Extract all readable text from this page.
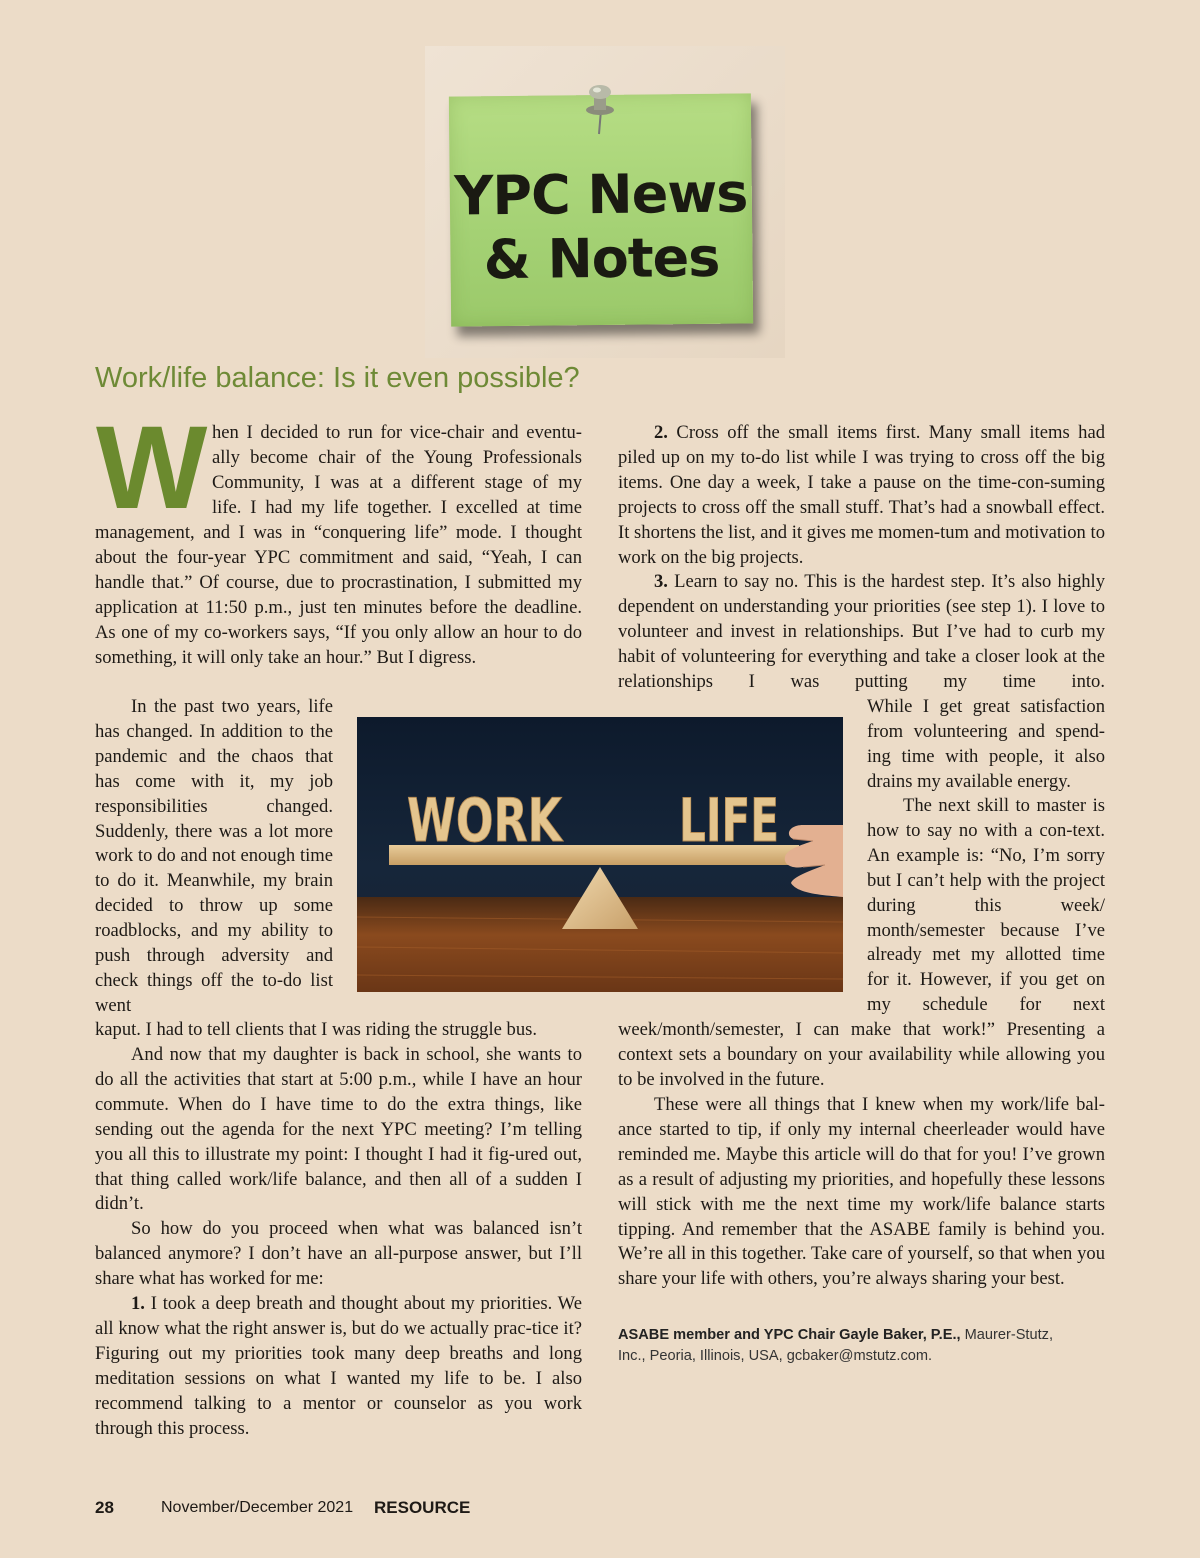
YPC News
& Notes
Work/life balance: Is it even possible?
W hen I decided to run for vice-chair and eventu-

ally become chair of the Young Professionals

Community, I was at a different stage of my

life. I had my life together. I excelled at time

management, and I was in “conquering life” mode. I thought about the four-year YPC commitment and said, “Yeah, I can handle that.” Of course, due to procrastination, I submitted my application at 11:50 p.m., just ten minutes before the deadline. As one of my co-workers says, “If you only allow an hour to do something, it will only take an hour.” But I digress.

In the past two years, life has changed. In addition to the pandemic and the chaos that has come with it, my job responsibilities changed. Suddenly, there was a lot more work to do and not enough time to do it. Meanwhile, my brain decided to throw up some roadblocks, and my ability to push through adversity and check things off the to-do list went

kaput. I had to tell clients that I was riding the struggle bus.

And now that my daughter is back in school, she wants to do all the activities that start at 5:00 p.m., while I have an hour commute. When do I have time to do the extra things, like sending out the agenda for the next YPC meeting? I’m telling you all this to illustrate my point: I thought I had it fig-ured out, that thing called work/life balance, and then all of a sudden I didn’t.

So how do you proceed when what was balanced isn’t balanced anymore? I don’t have an all-purpose answer, but I’ll share what has worked for me:

1. I took a deep breath and thought about my priorities. We all know what the right answer is, but do we actually prac-tice it? Figuring out my priorities took many deep breaths and long meditation sessions on what I wanted my life to be. I also recommend talking to a mentor or counselor as you work through this process.

2. Cross off the small items first. Many small items had piled up on my to-do list while I was trying to cross off the big items. One day a week, I take a pause on the time-con-suming projects to cross off the small stuff. That’s had a snowball effect. It shortens the list, and it gives me momen-tum and motivation to work on the big projects.

3. Learn to say no. This is the hardest step. It’s also highly dependent on understanding your priorities (see step 1). I love to volunteer and invest in relationships. But I’ve had to curb my habit of volunteering for everything and take a closer look at the relationships I was putting my time into.

While I get great satisfaction from volunteering and spend-ing time with people, it also drains my available energy.

The next skill to master is how to say no with a con-text. An example is: “No, I’m sorry but I can’t help with the project during this week/ month/semester because I’ve already met my allotted time for it. However, if you get on my schedule for next

week/month/semester, I can make that work!” Presenting a context sets a boundary on your availability while allowing you to be involved in the future.

These were all things that I knew when my work/life bal-ance started to tip, if only my internal cheerleader would have reminded me. Maybe this article will do that for you! I’ve grown as a result of adjusting my priorities, and hopefully these lessons will stick with me the next time my work/life balance starts tipping. And remember that the ASABE family is behind you. We’re all in this together. Take care of yourself, so that when you share your life with others, you’re always sharing your best.

ASABE member and YPC Chair Gayle Baker, P.E., Maurer-Stutz, Inc., Peoria, Illinois, USA, gcbaker@mstutz.com.

WORK LIFE
28	November/December 2021 RESOURCE
